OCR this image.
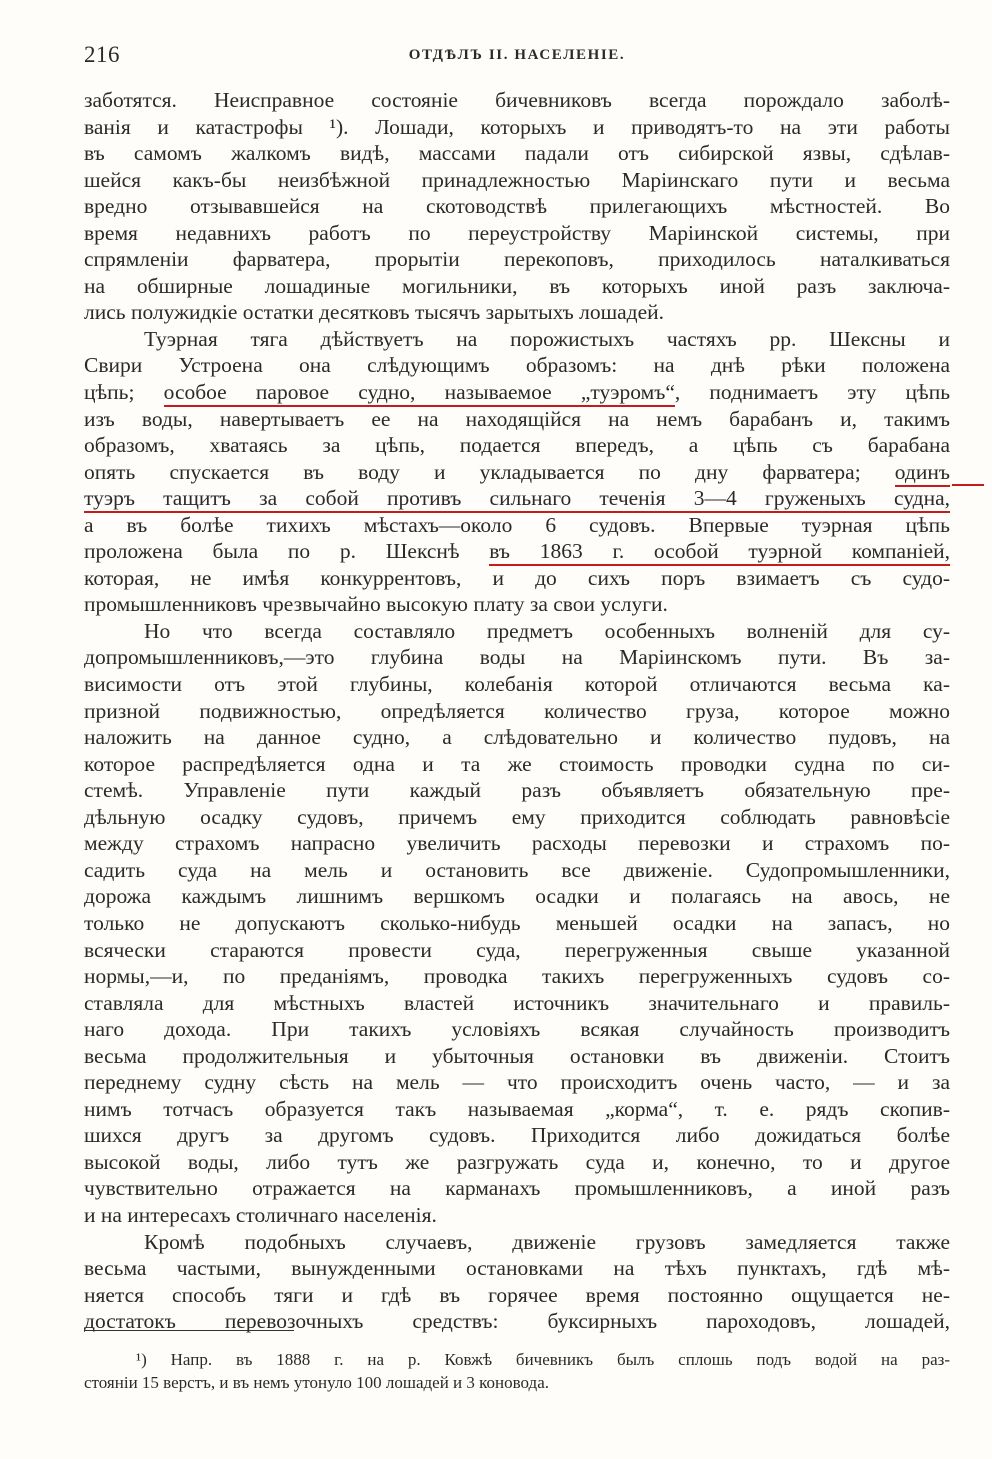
216	ОТДѢЛЪ II. НАСЕЛЕНIЕ.
заботятся. Неисправное состоянiе бичевниковъ всегда порождало заболѣ-
ванiя и катастрофы ¹). Лошади, которыхъ и приводятъ-то на эти работы
въ самомъ жалкомъ видѣ, массами падали отъ сибирской язвы, сдѣлав-
шейся какъ-бы неизбѣжной принадлежностью Марiинскаго пути и весьма
вредно отзывавшейся на скотоводствѣ прилегающихъ мѣстностей. Во
время недавнихъ работъ по переустройству Марiинской системы, при
спрямленiи фарватера, прорытiи перекоповъ, приходилось наталкиваться
на обширные лошадиные могильники, въ которыхъ иной разъ заключа-
лись полужидкiе остатки десятковъ тысячъ зарытыхъ лошадей.
Туэрная тяга дѣйствуетъ на порожистыхъ частяхъ рр. Шексны и
Свири Устроена она слѣдующимъ образомъ: на днѣ рѣки положена
цѣпь; особое паровое судно, называемое „туэромъ“, поднимаетъ эту цѣпь
изъ воды, навертываетъ ее на находящiйся на немъ барабанъ и, такимъ
образомъ, хватаясь за цѣпь, подается впередъ, а цѣпь съ барабана
опять спускается въ воду и укладывается по дну фарватера; одинъ
туэръ тащитъ за собой противъ сильнаго теченiя 3—4 груженыхъ судна,
а въ болѣе тихихъ мѣстахъ—около 6 судовъ. Впервые туэрная цѣпь
проложена была по р. Шекснѣ въ 1863 г. особой туэрной компанiей,
которая, не имѣя конкуррентовъ, и до сихъ поръ взимаетъ съ судо-
промышленниковъ чрезвычайно высокую плату за свои услуги.
Но что всегда составляло предметъ особенныхъ волненiй для су-
допромышленниковъ,—это глубина воды на Марiинскомъ пути. Въ за-
висимости отъ этой глубины, колебанiя которой отличаются весьма ка-
призной подвижностью, опредѣляется количество груза, которое можно
наложить на данное судно, а слѣдовательно и количество пудовъ, на
которое распредѣляется одна и та же стоимость проводки судна по си-
стемѣ. Управленiе пути каждый разъ объявляетъ обязательную пре-
дѣльную осадку судовъ, причемъ ему приходится соблюдать равновѣсiе
между страхомъ напрасно увеличить расходы перевозки и страхомъ по-
садить суда на мель и остановить все движенiе. Судопромышленники,
дорожа каждымъ лишнимъ вершкомъ осадки и полагаясь на авось, не
только не допускаютъ сколько-нибудь меньшей осадки на запасъ, но
всячески стараются провести суда, перегруженныя свыше указанной
нормы,—и, по преданiямъ, проводка такихъ перегруженныхъ судовъ со-
ставляла для мѣстныхъ властей источникъ значительнаго и правиль-
наго дохода. При такихъ условiяхъ всякая случайность производитъ
весьма продолжительныя и убыточныя остановки въ движенiи. Стоитъ
переднему судну сѣсть на мель — что происходитъ очень часто, — и за
нимъ тотчасъ образуется такъ называемая „корма“, т. е. рядъ скопив-
шихся другъ за другомъ судовъ. Приходится либо дожидаться болѣе
высокой воды, либо тутъ же разгружать суда и, конечно, то и другое
чувствительно отражается на карманахъ промышленниковъ, а иной разъ
и на интересахъ столичнаго населенiя.
Кромѣ подобныхъ случаевъ, движенiе грузовъ замедляется также
весьма частыми, вынужденными остановками на тѣхъ пунктахъ, гдѣ мѣ-
няется способъ тяги и гдѣ въ горячее время постоянно ощущается не-
достатокъ перевозочныхъ средствъ: буксирныхъ пароходовъ, лошадей,
¹) Напр. въ 1888 г. на р. Ковжѣ бичевникъ былъ сплошь подъ водой на раз-
стоянiи 15 верстъ, и въ немъ утонуло 100 лошадей и 3 коновода.
